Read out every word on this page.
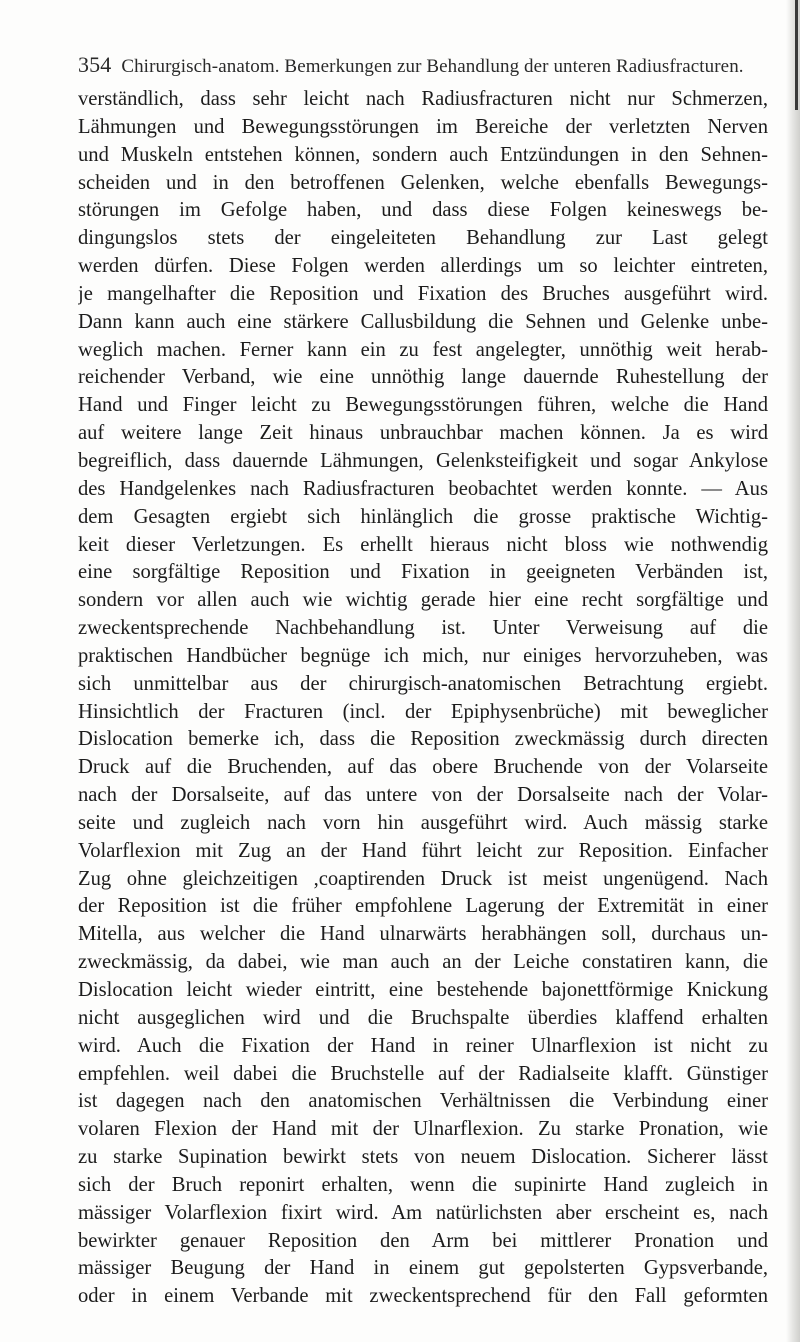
354 Chirurgisch-anatom. Bemerkungen zur Behandlung der unteren Radiusfracturen.
verständlich, dass sehr leicht nach Radiusfracturen nicht nur Schmerzen,
Lähmungen und Bewegungsstörungen im Bereiche der verletzten Nerven
und Muskeln entstehen können, sondern auch Entzündungen in den Sehnen-
scheiden und in den betroffenen Gelenken, welche ebenfalls Bewegungs-
störungen im Gefolge haben, und dass diese Folgen keineswegs be-
dingungslos stets der eingeleiteten Behandlung zur Last gelegt
werden dürfen. Diese Folgen werden allerdings um so leichter eintreten,
je mangelhafter die Reposition und Fixation des Bruches ausgeführt wird.
Dann kann auch eine stärkere Callusbildung die Sehnen und Gelenke unbe-
weglich machen. Ferner kann ein zu fest angelegter, unnöthig weit herab-
reichender Verband, wie eine unnöthig lange dauernde Ruhestellung der
Hand und Finger leicht zu Bewegungsstörungen führen, welche die Hand
auf weitere lange Zeit hinaus unbrauchbar machen können. Ja es wird
begreiflich, dass dauernde Lähmungen, Gelenksteifigkeit und sogar Ankylose
des Handgelenkes nach Radiusfracturen beobachtet werden konnte. — Aus
dem Gesagten ergiebt sich hinlänglich die grosse praktische Wichtig-
keit dieser Verletzungen. Es erhellt hieraus nicht bloss wie nothwendig
eine sorgfältige Reposition und Fixation in geeigneten Verbänden ist,
sondern vor allen auch wie wichtig gerade hier eine recht sorgfältige und
zweckentsprechende Nachbehandlung ist. Unter Verweisung auf die
praktischen Handbücher begnüge ich mich, nur einiges hervorzuheben, was
sich unmittelbar aus der chirurgisch-anatomischen Betrachtung ergiebt.
Hinsichtlich der Fracturen (incl. der Epiphysenbrüche) mit beweglicher
Dislocation bemerke ich, dass die Reposition zweckmässig durch directen
Druck auf die Bruchenden, auf das obere Bruchende von der Volarseite
nach der Dorsalseite, auf das untere von der Dorsalseite nach der Volar-
seite und zugleich nach vorn hin ausgeführt wird. Auch mässig starke
Volarflexion mit Zug an der Hand führt leicht zur Reposition. Einfacher
Zug ohne gleichzeitigen ,coaptirenden Druck ist meist ungenügend. Nach
der Reposition ist die früher empfohlene Lagerung der Extremität in einer
Mitella, aus welcher die Hand ulnarwärts herabhängen soll, durchaus un-
zweckmässig, da dabei, wie man auch an der Leiche constatiren kann, die
Dislocation leicht wieder eintritt, eine bestehende bajonettförmige Knickung
nicht ausgeglichen wird und die Bruchspalte überdies klaffend erhalten
wird. Auch die Fixation der Hand in reiner Ulnarflexion ist nicht zu
empfehlen. weil dabei die Bruchstelle auf der Radialseite klafft. Günstiger
ist dagegen nach den anatomischen Verhältnissen die Verbindung einer
volaren Flexion der Hand mit der Ulnarflexion. Zu starke Pronation, wie
zu starke Supination bewirkt stets von neuem Dislocation. Sicherer lässt
sich der Bruch reponirt erhalten, wenn die supinirte Hand zugleich in
mässiger Volarflexion fixirt wird. Am natürlichsten aber erscheint es, nach
bewirkter genauer Reposition den Arm bei mittlerer Pronation und
mässiger Beugung der Hand in einem gut gepolsterten Gypsverbande,
oder in einem Verbande mit zweckentsprechend für den Fall geformten
